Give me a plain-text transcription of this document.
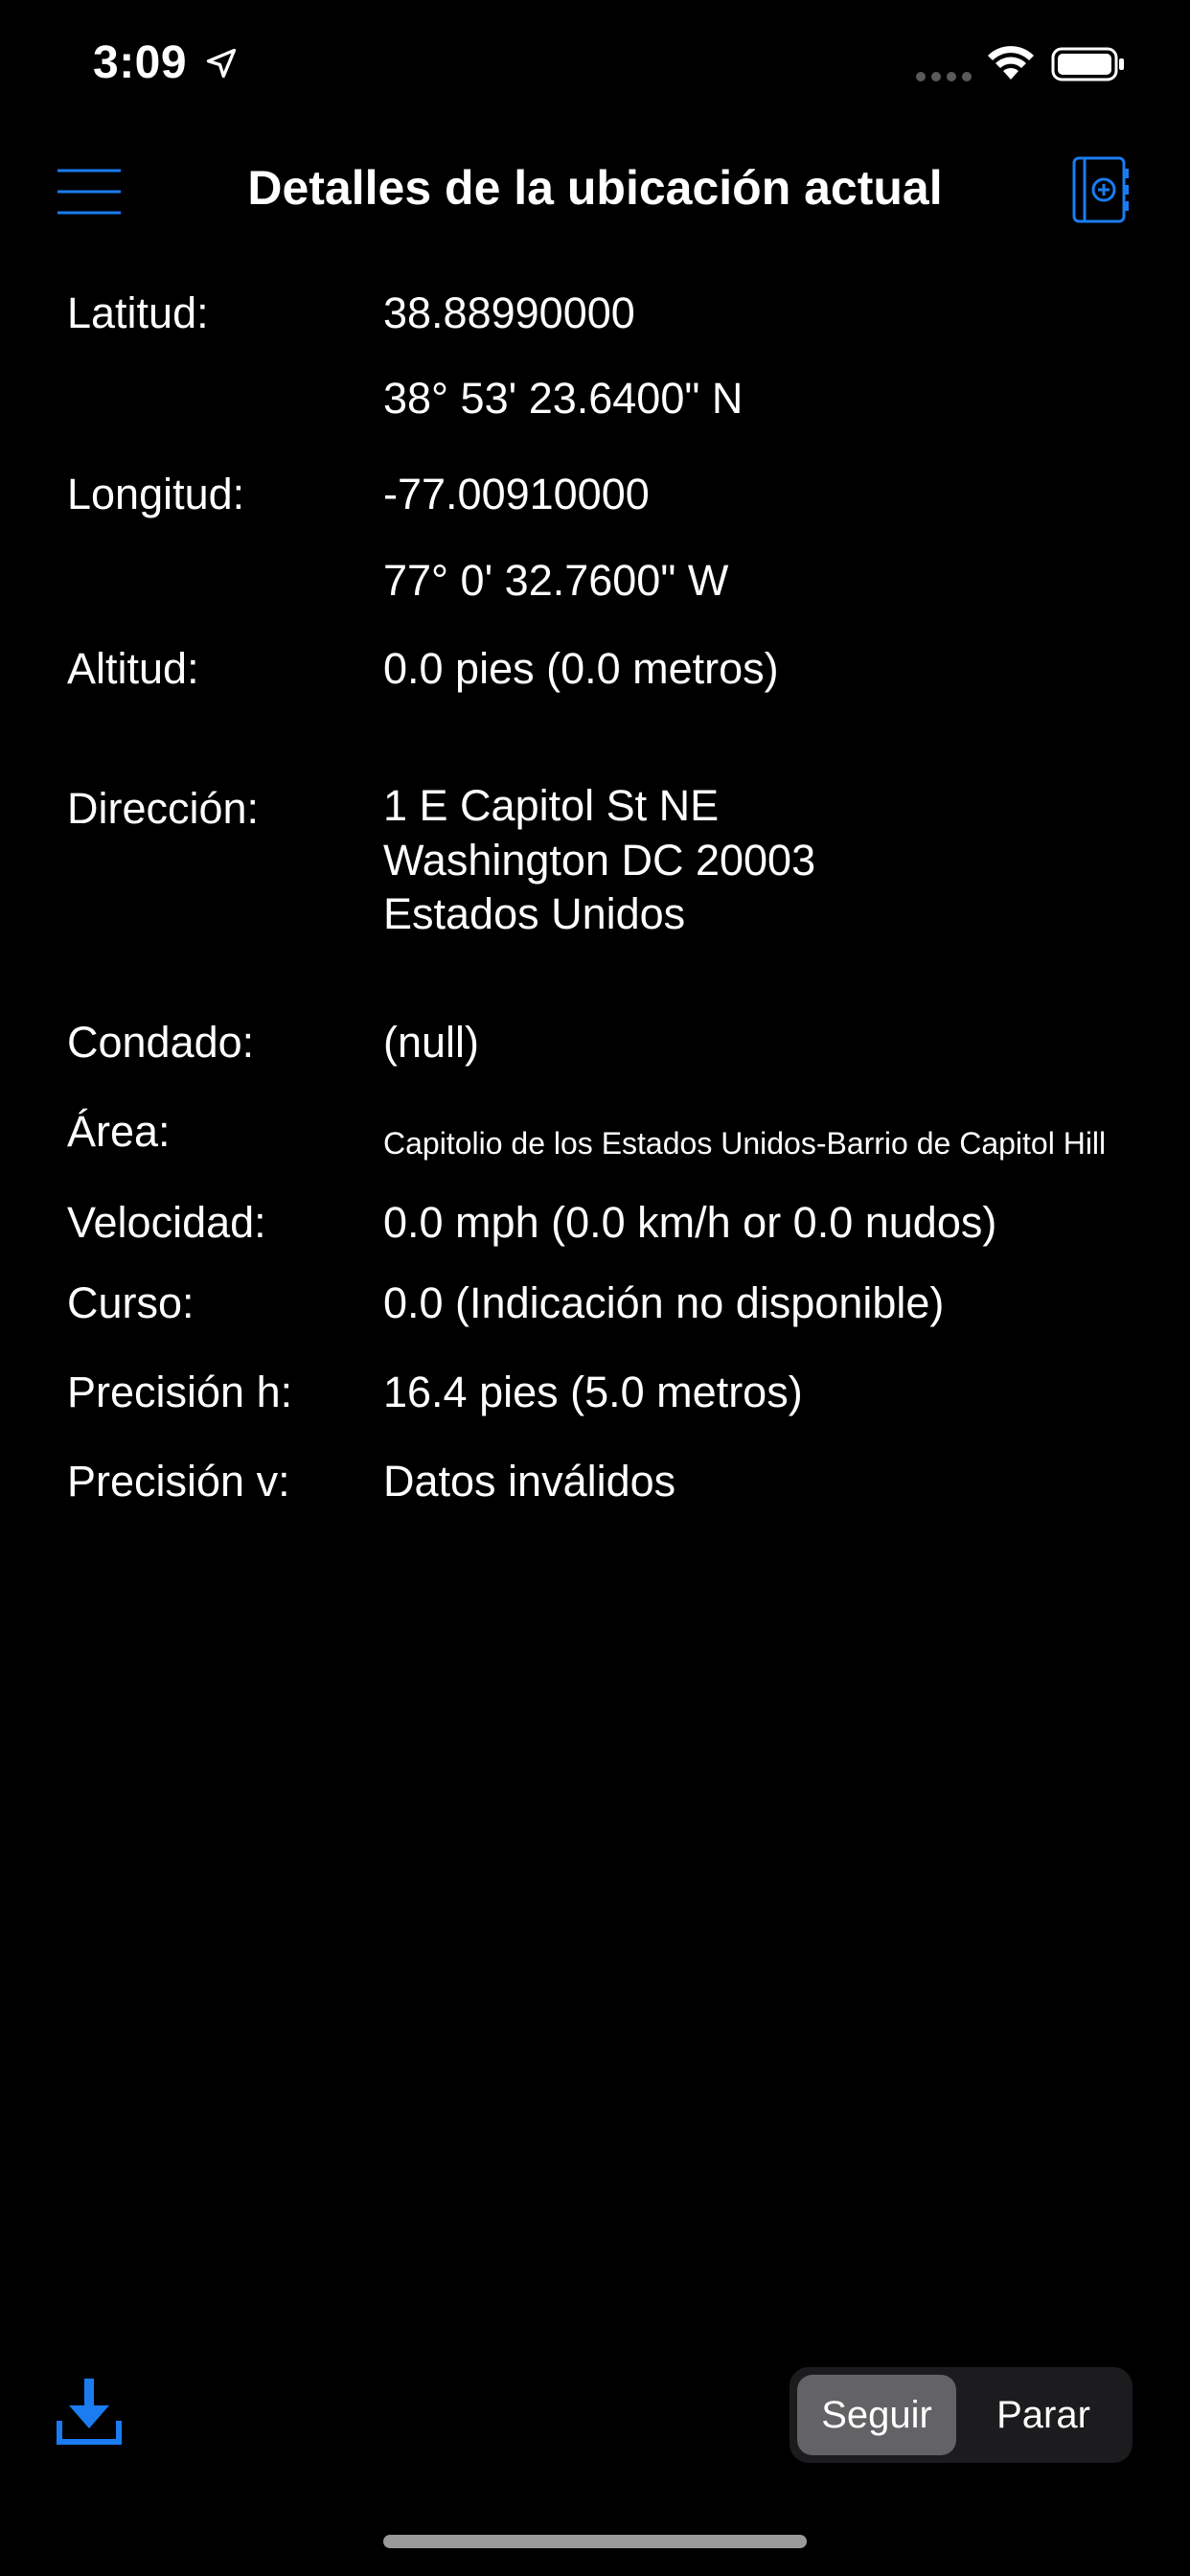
3:09
Detalles de la ubicación actual
Latitud:	38.88990000
38° 53' 23.6400" N
Longitud:	-77.00910000
77° 0' 32.7600" W
Altitud:	0.0 pies (0.0 metros)
Dirección:	1 E Capitol St NE
Washington DC 20003
Estados Unidos
Condado:	(null)
Área:	Capitolio de los Estados Unidos-Barrio de Capitol Hill
Velocidad:	0.0 mph (0.0 km/h or 0.0 nudos)
Curso:	0.0 (Indicación no disponible)
Precisión h: 16.4 pies (5.0 metros)
Precisión v: Datos inválidos
Seguir	Parar
